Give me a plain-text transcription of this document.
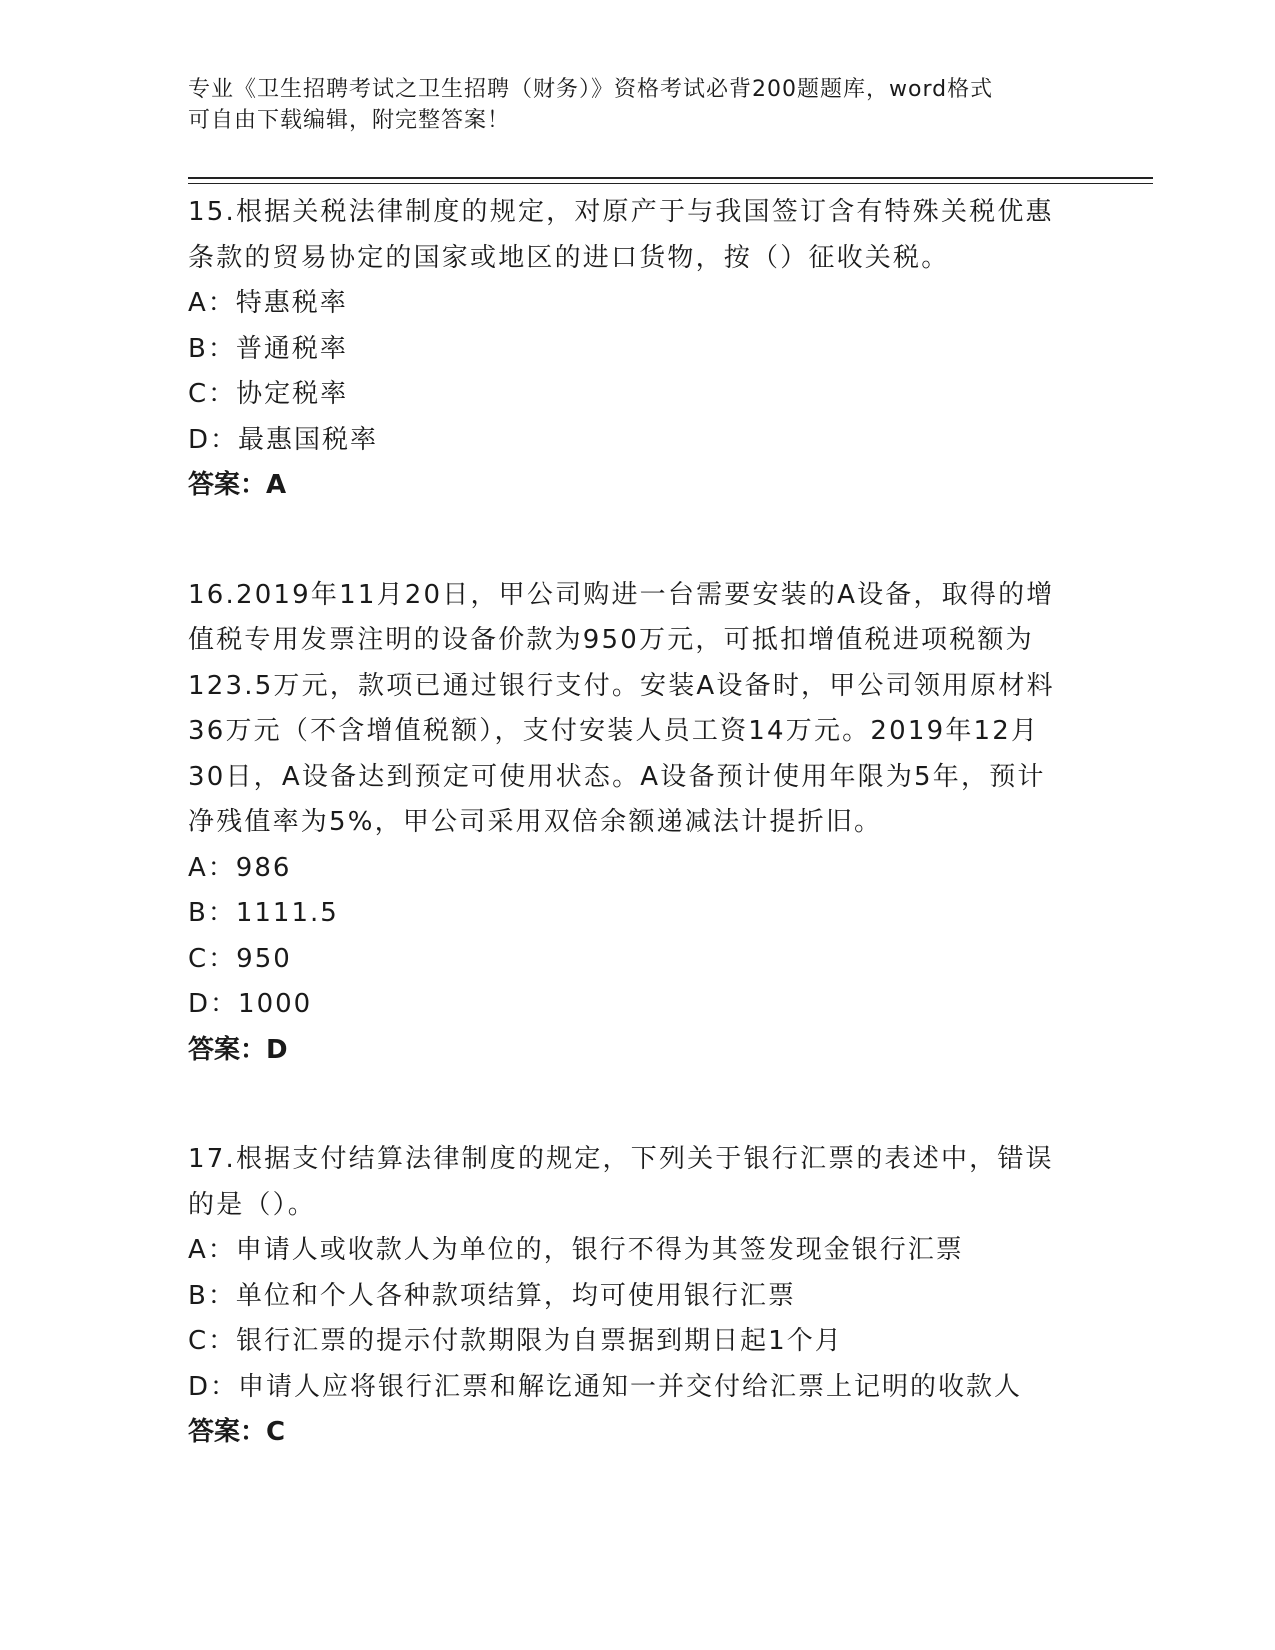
专业《卫生招聘考试之卫生招聘（财务）》资格考试必背200题题库，word格式
可自由下载编辑，附完整答案！
15.根据关税法律制度的规定，对原产于与我国签订含有特殊关税优惠
条款的贸易协定的国家或地区的进口货物，按（）征收关税。
A：特惠税率
B：普通税率
C：协定税率
D：最惠国税率
答案：A
16.2019年11月20日，甲公司购进一台需要安装的A设备，取得的增
值税专用发票注明的设备价款为950万元，可抵扣增值税进项税额为
123.5万元，款项已通过银行支付。安装A设备时，甲公司领用原材料
36万元（不含增值税额），支付安装人员工资14万元。2019年12月
30日，A设备达到预定可使用状态。A设备预计使用年限为5年，预计
净残值率为5%，甲公司采用双倍余额递减法计提折旧。
A：986
B：1111.5
C：950
D：1000
答案：D
17.根据支付结算法律制度的规定，下列关于银行汇票的表述中，错误
的是（）。
A：申请人或收款人为单位的，银行不得为其签发现金银行汇票
B：单位和个人各种款项结算，均可使用银行汇票
C：银行汇票的提示付款期限为自票据到期日起1个月
D：申请人应将银行汇票和解讫通知一并交付给汇票上记明的收款人
答案：C
